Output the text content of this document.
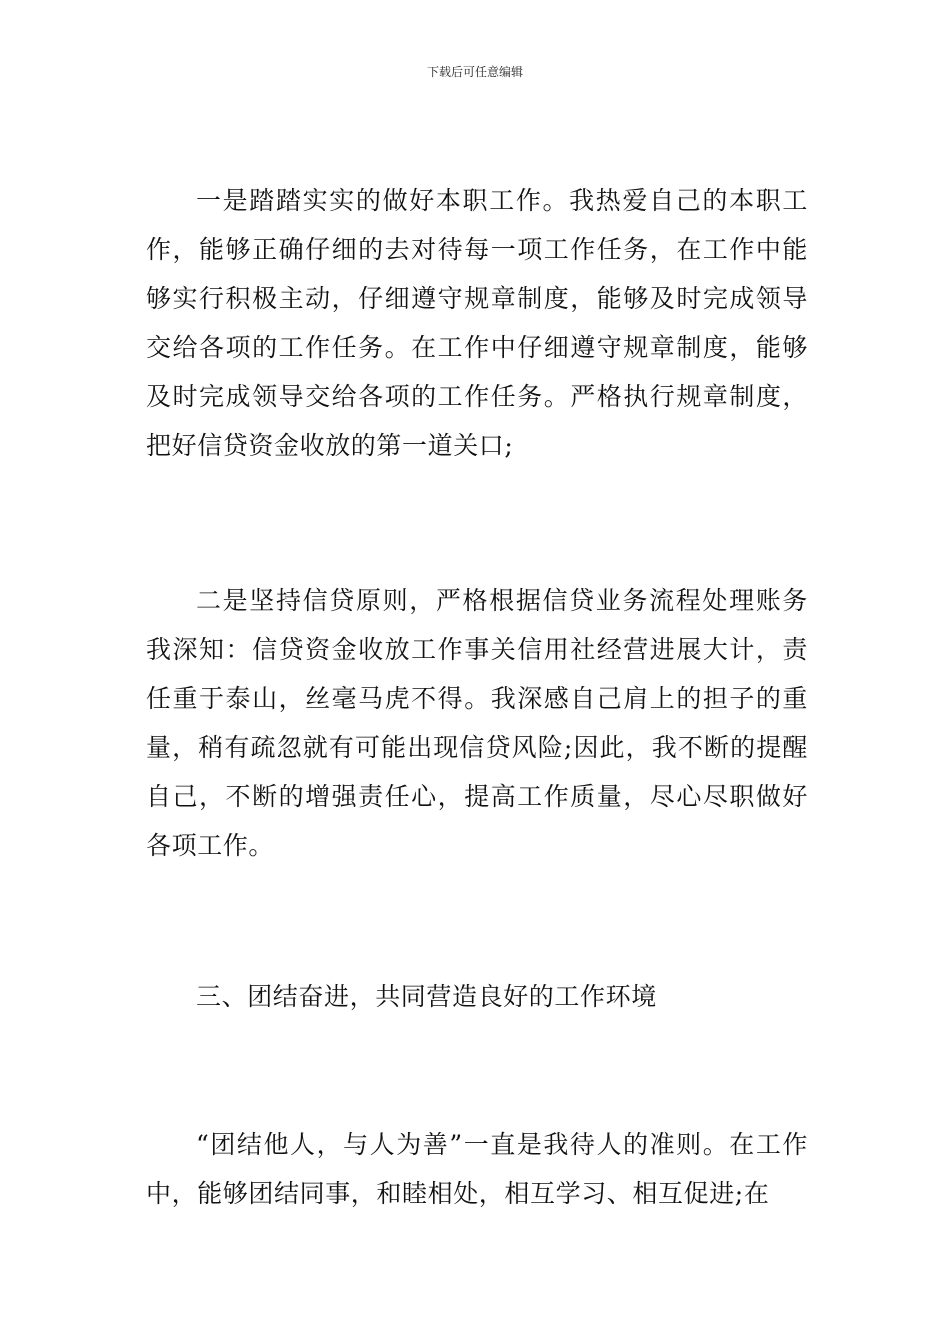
下载后可任意编辑

一是踏踏实实的做好本职工作。我热爱自己的本职工作，能够正确仔细的去对待每一项工作任务，在工作中能够实行积极主动，仔细遵守规章制度，能够及时完成领导交给各项的工作任务。在工作中仔细遵守规章制度，能够及时完成领导交给各项的工作任务。严格执行规章制度，把好信贷资金收放的第一道关口;

二是坚持信贷原则，严格根据信贷业务流程处理账务我深知：信贷资金收放工作事关信用社经营进展大计，责任重于泰山，丝毫马虎不得。我深感自己肩上的担子的重量，稍有疏忽就有可能出现信贷风险;因此，我不断的提醒自己，不断的增强责任心，提高工作质量，尽心尽职做好各项工作。

三、团结奋进，共同营造良好的工作环境

“团结他人，与人为善”一直是我待人的准则。在工作中，能够团结同事，和睦相处，相互学习、相互促进;在
